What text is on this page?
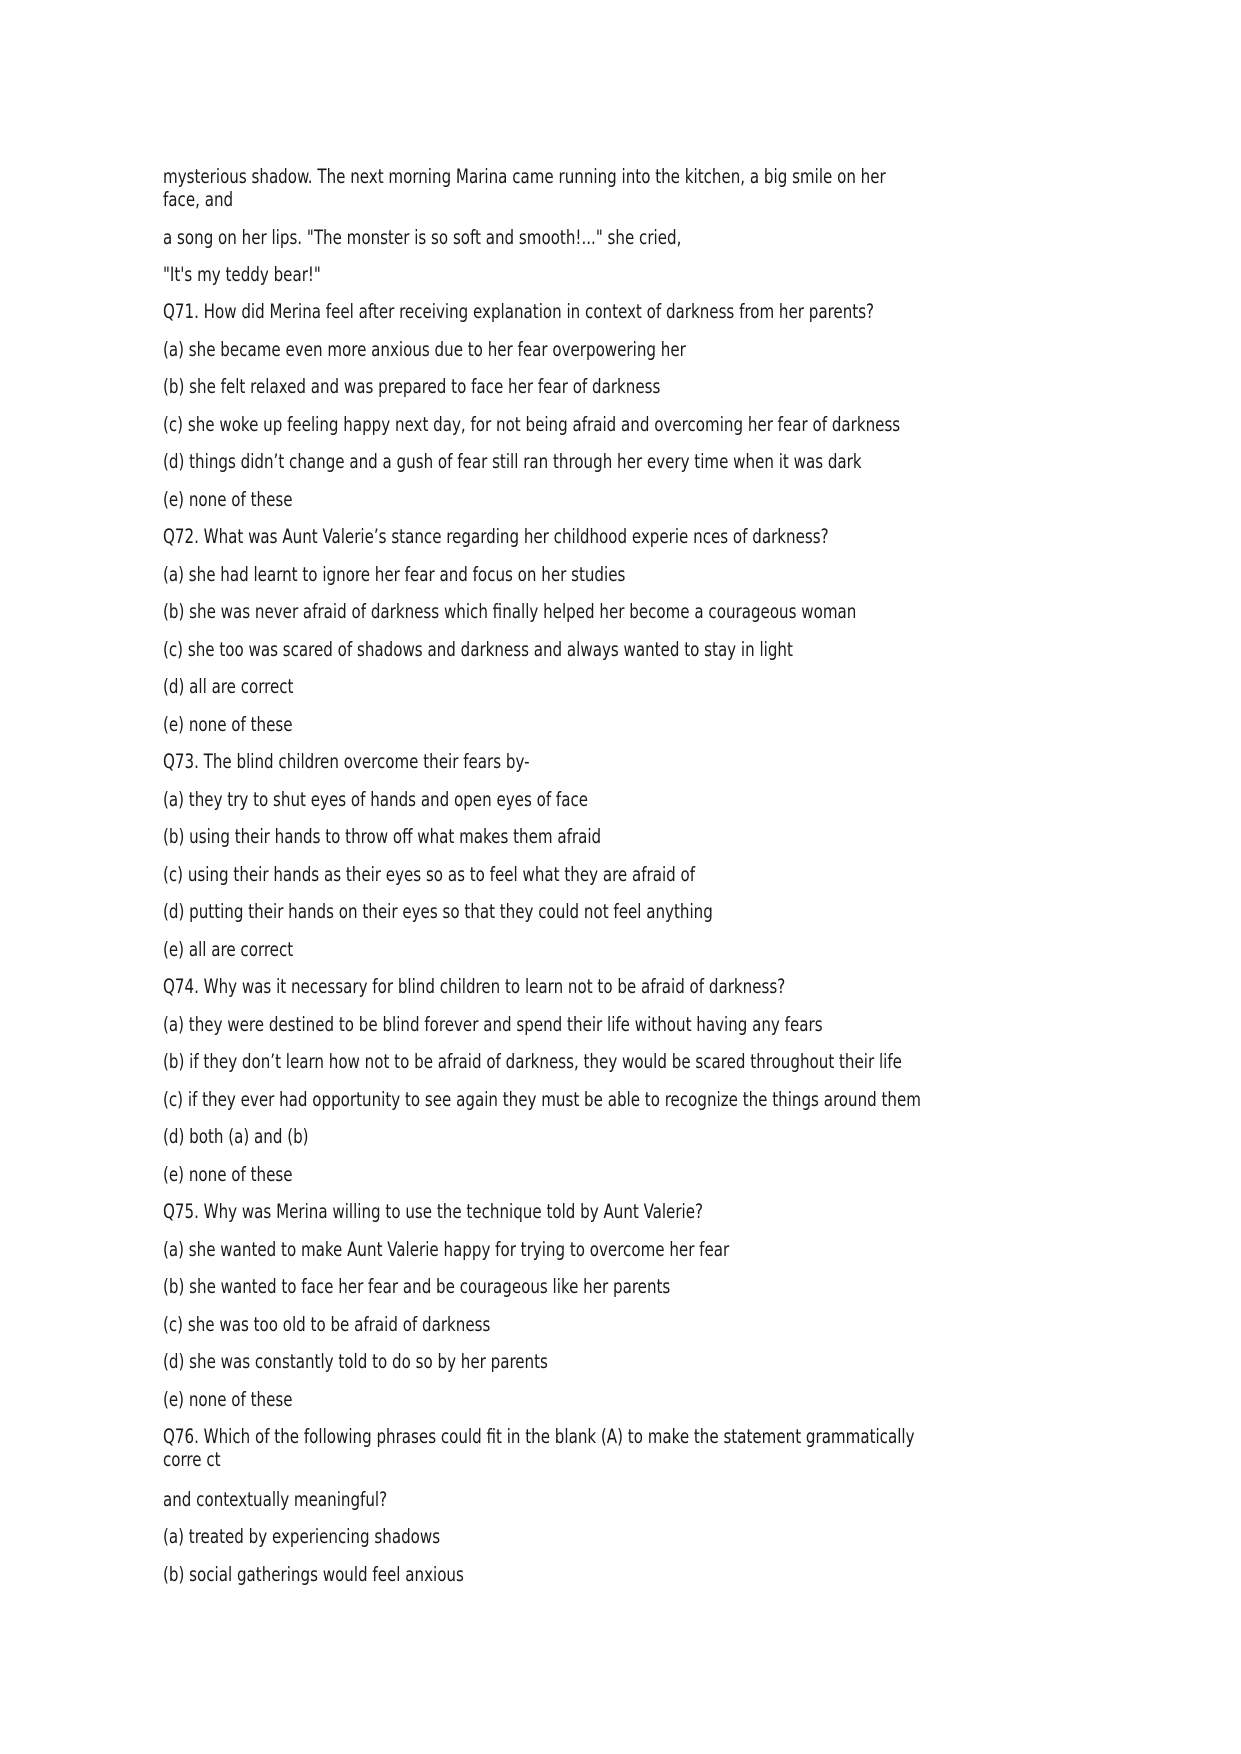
mysterious shadow. The next morning Marina came running into the kitchen, a big smile on her
face, and
a song on her lips. "The monster is so soft and smooth!..." she cried,
"It's my teddy bear!"
Q71. How did Merina feel after receiving explanation in context of darkness from her parents?
(a) she became even more anxious due to her fear overpowering her
(b) she felt relaxed and was prepared to face her fear of darkness
(c) she woke up feeling happy next day, for not being afraid and overcoming her fear of darkness
(d) things didn’t change and a gush of fear still ran through her every time when it was dark
(e) none of these
Q72. What was Aunt Valerie’s stance regarding her childhood experie nces of darkness?
(a) she had learnt to ignore her fear and focus on her studies
(b) she was never afraid of darkness which finally helped her become a courageous woman
(c) she too was scared of shadows and darkness and always wanted to stay in light
(d) all are correct
(e) none of these
Q73. The blind children overcome their fears by-
(a) they try to shut eyes of hands and open eyes of face
(b) using their hands to throw off what makes them afraid
(c) using their hands as their eyes so as to feel what they are afraid of
(d) putting their hands on their eyes so that they could not feel anything
(e) all are correct
Q74. Why was it necessary for blind children to learn not to be afraid of darkness?
(a) they were destined to be blind forever and spend their life without having any fears
(b) if they don’t learn how not to be afraid of darkness, they would be scared throughout their life
(c) if they ever had opportunity to see again they must be able to recognize the things around them
(d) both (a) and (b)
(e) none of these
Q75. Why was Merina willing to use the technique told by Aunt Valerie?
(a) she wanted to make Aunt Valerie happy for trying to overcome her fear
(b) she wanted to face her fear and be courageous like her parents
(c) she was too old to be afraid of darkness
(d) she was constantly told to do so by her parents
(e) none of these
Q76. Which of the following phrases could fit in the blank (A) to make the statement grammatically
corre ct
and contextually meaningful?
(a) treated by experiencing shadows
(b) social gatherings would feel anxious
